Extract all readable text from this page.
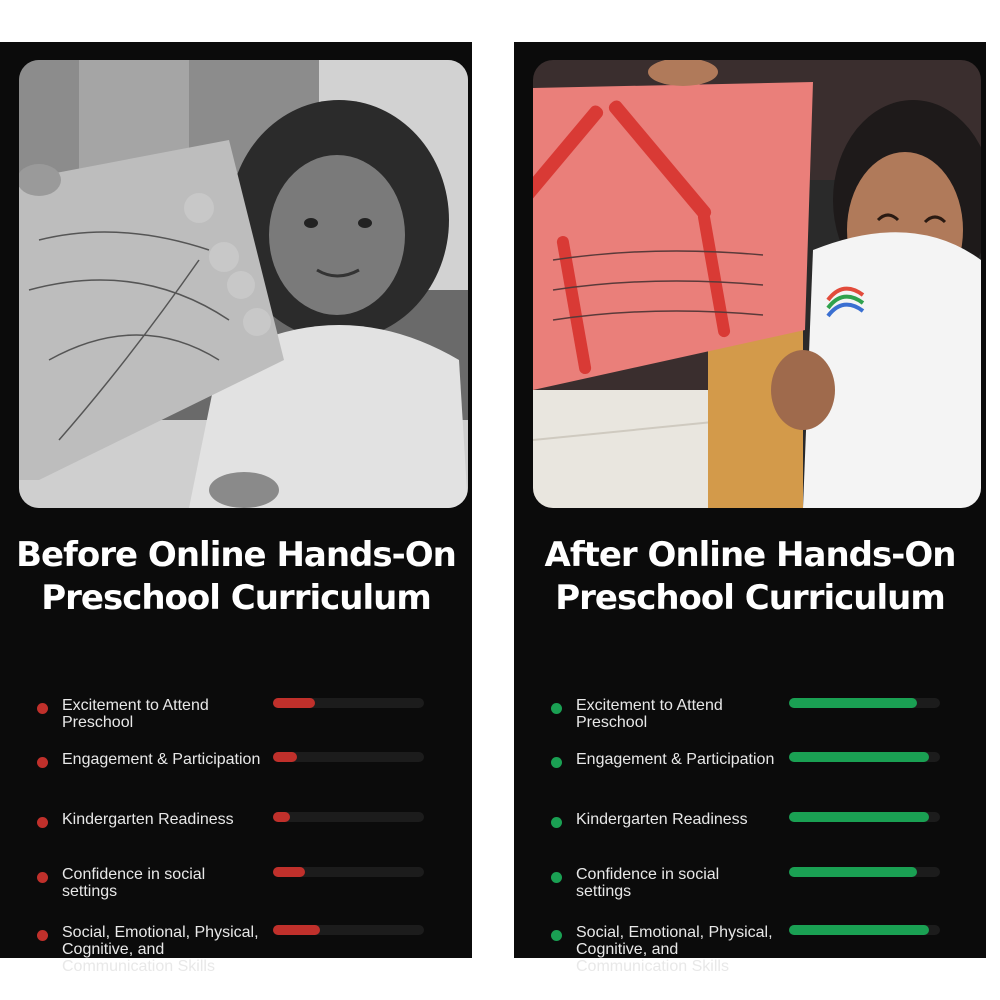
Before Online Hands-On
Preschool Curriculum
Excitement to Attend Preschool
Engagement & Participation
Kindergarten Readiness
Confidence in social settings
Social, Emotional, Physical, Cognitive, and Communication Skills
After Online Hands-On
Preschool Curriculum
Excitement to Attend Preschool
Engagement & Participation
Kindergarten Readiness
Confidence in social settings
Social, Emotional, Physical, Cognitive, and Communication Skills
